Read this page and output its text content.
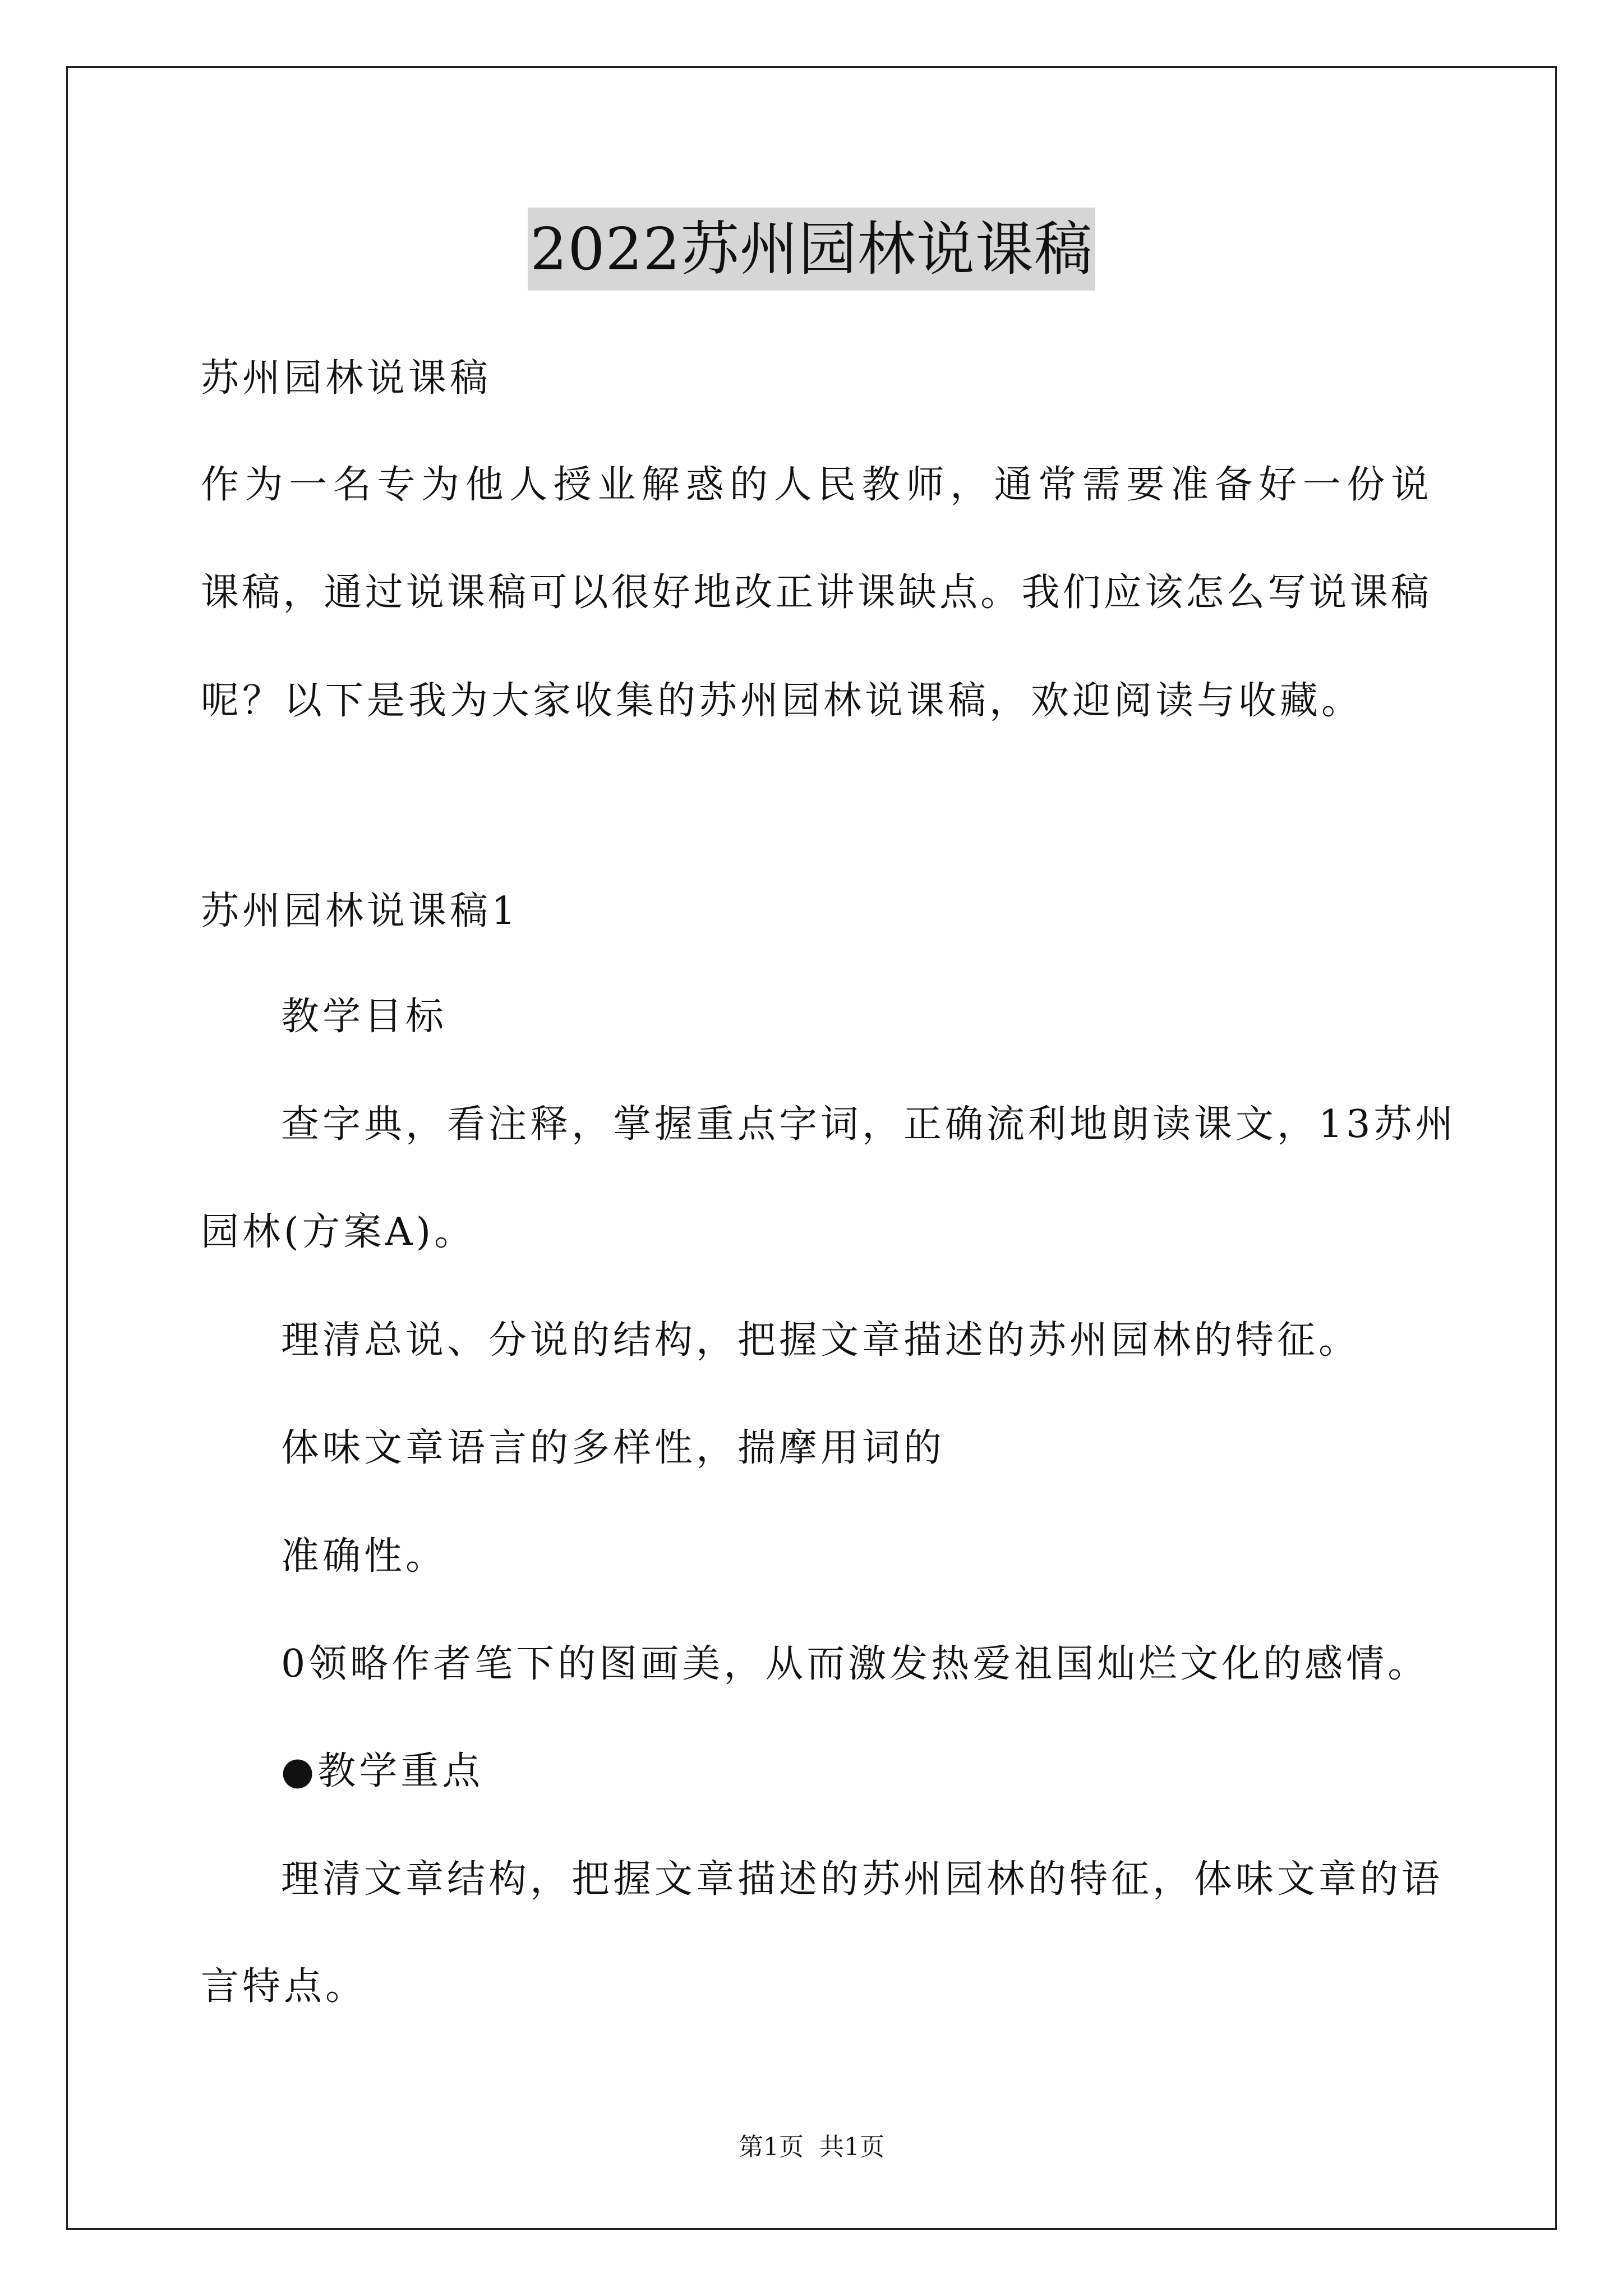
2022苏州园林说课稿
苏州园林说课稿
作为一名专为他人授业解惑的人民教师，通常需要准备好一份说
课稿，通过说课稿可以很好地改正讲课缺点。我们应该怎么写说课稿
呢？以下是我为大家收集的苏州园林说课稿，欢迎阅读与收藏。
苏州园林说课稿1
教学目标
查字典，看注释，掌握重点字词，正确流利地朗读课文，13苏州
园林(方案A)。
理清总说、分说的结构，把握文章描述的苏州园林的特征。
体味文章语言的多样性，揣摩用词的
准确性。
0领略作者笔下的图画美，从而激发热爱祖国灿烂文化的感情。
●教学重点
理清文章结构，把握文章描述的苏州园林的特征，体味文章的语
言特点。
第1页 共1页
